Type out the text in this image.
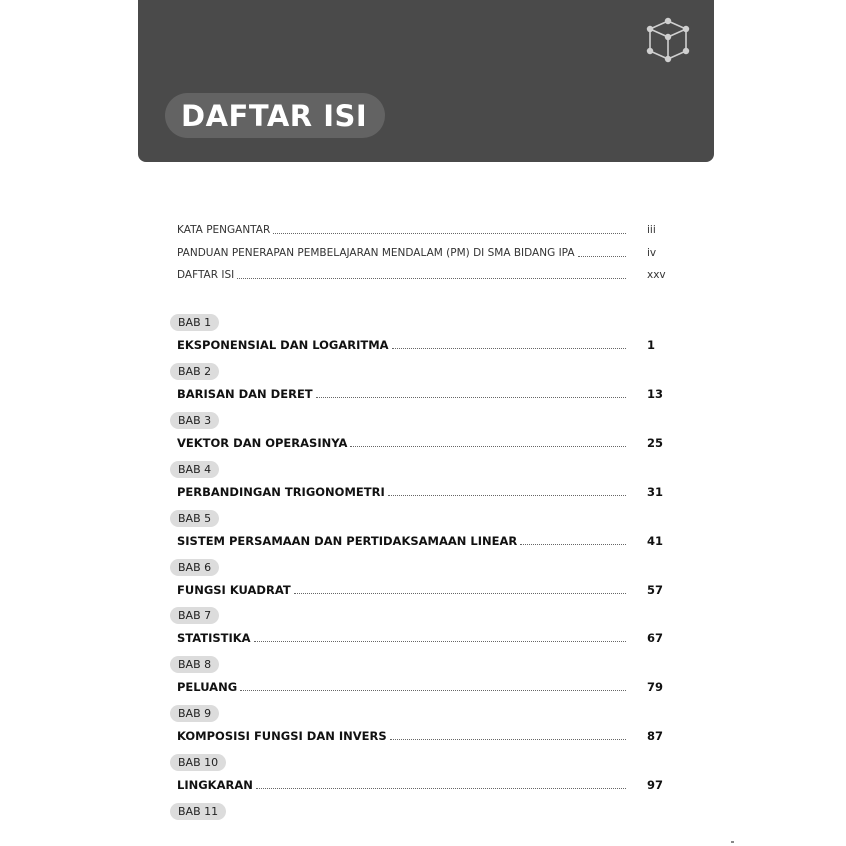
DAFTAR ISI
KATA PENGANTAR	iii
PANDUAN PENERAPAN PEMBELAJARAN MENDALAM (PM) DI SMA BIDANG IPA	iv
DAFTAR ISI	xxv
BAB 1
EKSPONENSIAL DAN LOGARITMA	1
BAB 2
BARISAN DAN DERET	13
BAB 3
VEKTOR DAN OPERASINYA	25
BAB 4
PERBANDINGAN TRIGONOMETRI	31
BAB 5
SISTEM PERSAMAAN DAN PERTIDAKSAMAAN LINEAR	41
BAB 6
FUNGSI KUADRAT	57
BAB 7
STATISTIKA	67
BAB 8
PELUANG	79
BAB 9
KOMPOSISI FUNGSI DAN INVERS	87
BAB 10
LINGKARAN	97
BAB 11
